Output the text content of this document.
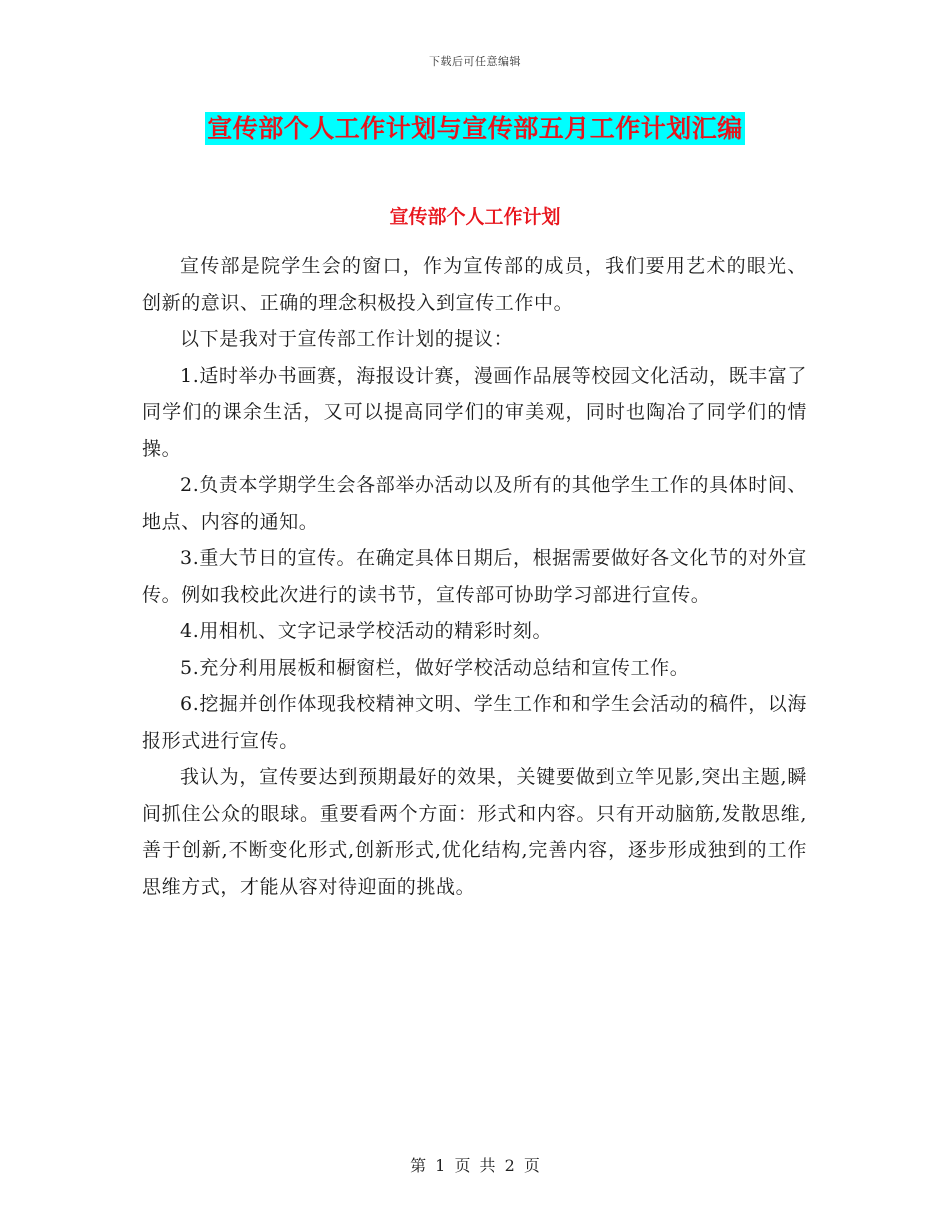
下载后可任意编辑
宣传部个人工作计划与宣传部五月工作计划汇编
宣传部个人工作计划

宣传部是院学生会的窗口，作为宣传部的成员，我们要用艺术的眼光、创新的意识、正确的理念积极投入到宣传工作中。

以下是我对于宣传部工作计划的提议：

1.适时举办书画赛，海报设计赛，漫画作品展等校园文化活动，既丰富了同学们的课余生活，又可以提高同学们的审美观，同时也陶冶了同学们的情操。

2.负责本学期学生会各部举办活动以及所有的其他学生工作的具体时间、地点、内容的通知。

3.重大节日的宣传。在确定具体日期后，根据需要做好各文化节的对外宣传。例如我校此次进行的读书节，宣传部可协助学习部进行宣传。

4.用相机、文字记录学校活动的精彩时刻。

5.充分利用展板和橱窗栏，做好学校活动总结和宣传工作。

6.挖掘并创作体现我校精神文明、学生工作和和学生会活动的稿件，以海报形式进行宣传。

我认为，宣传要达到预期最好的效果，关键要做到立竿见影,突出主题,瞬间抓住公众的眼球。重要看两个方面：形式和内容。只有开动脑筋,发散思维,善于创新,不断变化形式,创新形式,优化结构,完善内容，逐步形成独到的工作思维方式，才能从容对待迎面的挑战。

第 1 页 共 2 页
